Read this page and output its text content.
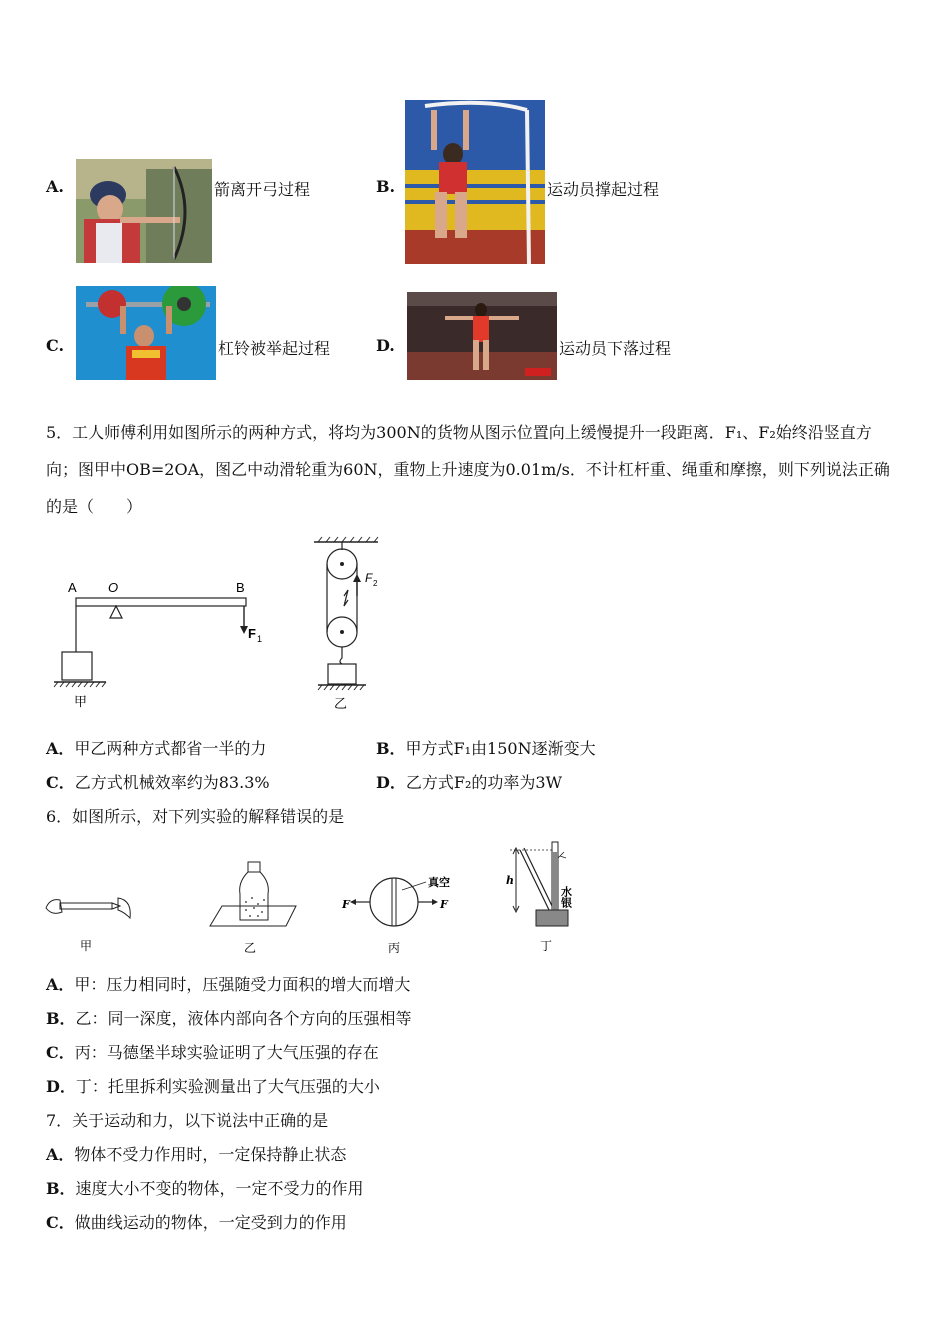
A.	箭离开弓过程	B.	运动员撑起过程
C.	杠铃被举起过程	D.	运动员下落过程
5．工人师傅利用如图所示的两种方式，将均为300N的货物从图示位置向上缓慢提升一段距离．F₁、F₂始终沿竖直方
向；图甲中OB=2OA，图乙中动滑轮重为60N，重物上升速度为0.01m/s．不计杠杆重、绳重和摩擦，则下列说法正确
的是（　　）
A O	B
F 1
甲
F 2
乙
A．甲乙两种方式都省一半的力	B．甲方式F₁由150N逐渐变大
C．乙方式机械效率约为83.3%	D．乙方式F₂的功率为3W
6．如图所示，对下列实验的解释错误的是
甲	乙
F	F
真空
丙
h
水银
丁
A．甲：压力相同时，压强随受力面积的增大而增大
B．乙：同一深度，液体内部向各个方向的压强相等
C．丙：马德堡半球实验证明了大气压强的存在
D．丁：托里拆利实验测量出了大气压强的大小
7．关于运动和力，以下说法中正确的是
A．物体不受力作用时，一定保持静止状态
B．速度大小不变的物体，一定不受力的作用
C．做曲线运动的物体，一定受到力的作用
